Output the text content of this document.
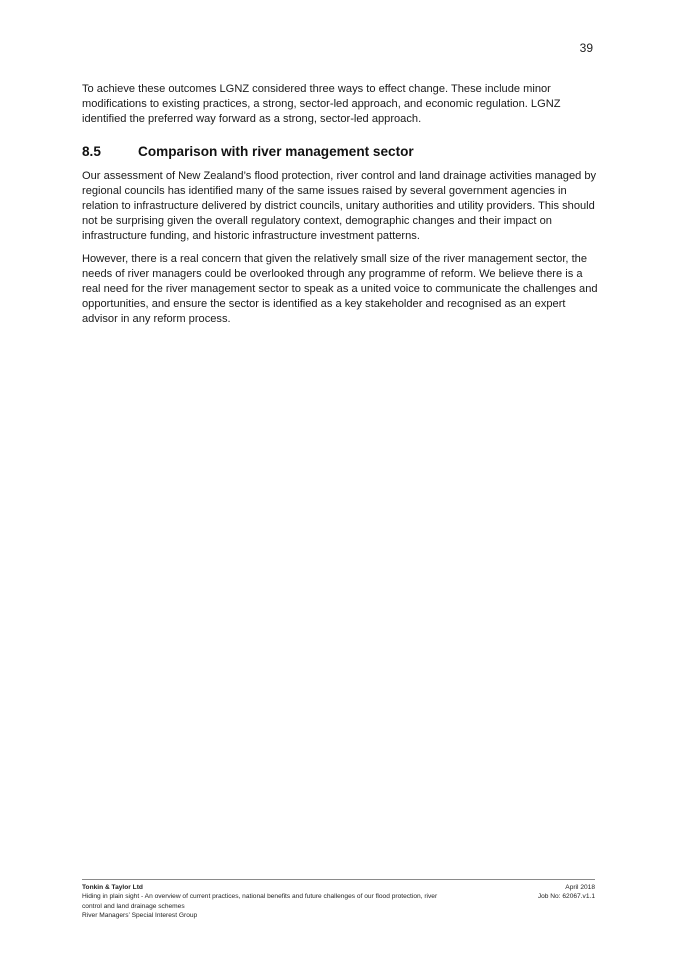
39

To achieve these outcomes LGNZ considered three ways to effect change. These include minor modifications to existing practices, a strong, sector-led approach, and economic regulation. LGNZ identified the preferred way forward as a strong, sector-led approach.

8.5	Comparison with river management sector

Our assessment of New Zealand’s flood protection, river control and land drainage activities managed by regional councils has identified many of the same issues raised by several government agencies in relation to infrastructure delivered by district councils, unitary authorities and utility providers. This should not be surprising given the overall regulatory context, demographic changes and their impact on infrastructure funding, and historic infrastructure investment patterns.

However, there is a real concern that given the relatively small size of the river management sector, the needs of river managers could be overlooked through any programme of reform. We believe there is a real need for the river management sector to speak as a united voice to communicate the challenges and opportunities, and ensure the sector is identified as a key stakeholder and recognised as an expert advisor in any reform process.

Tonkin & Taylor Ltd
Hiding in plain sight - An overview of current practices, national benefits and future challenges of our flood protection, river control and land drainage schemes
River Managers’ Special Interest Group
April 2018
Job No: 62067.v1.1
